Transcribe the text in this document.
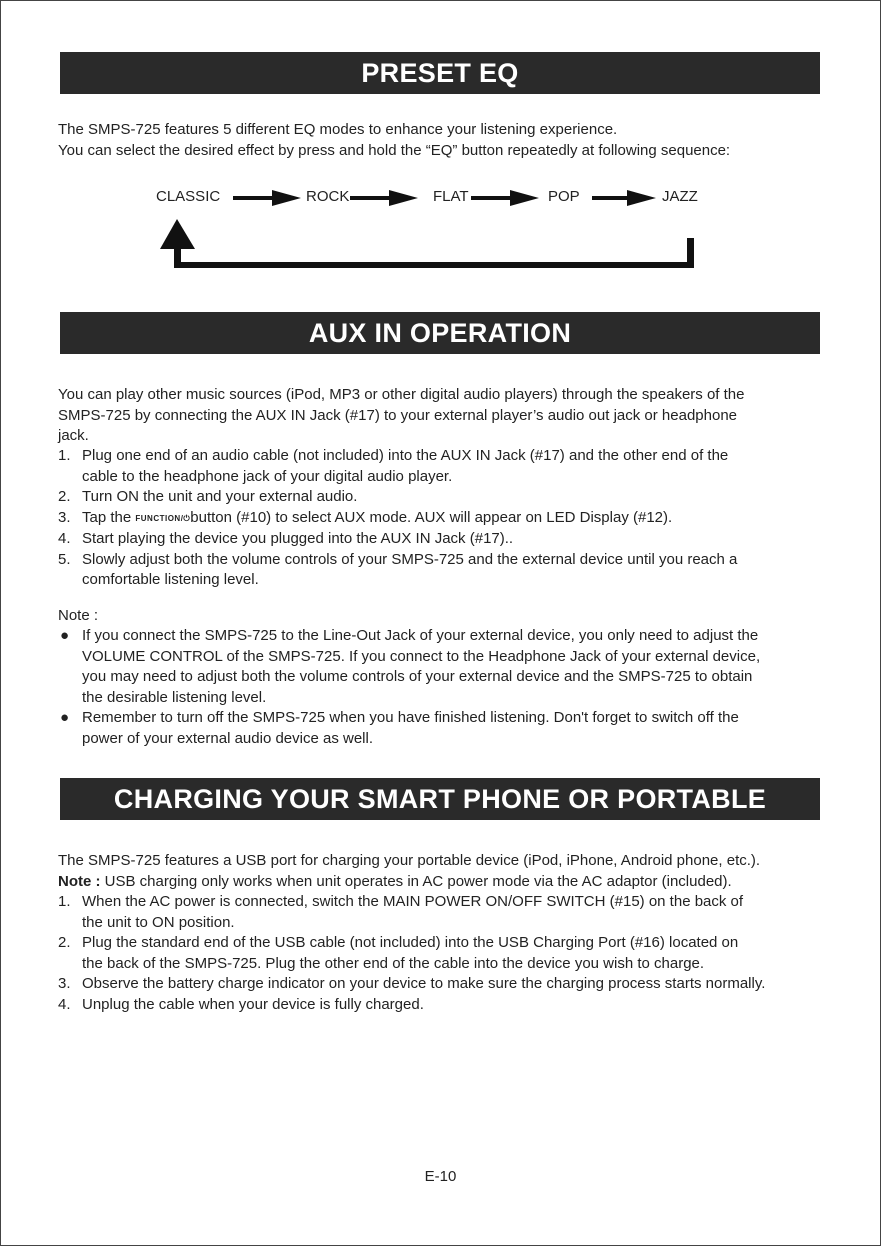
PRESET EQ

The SMPS-725 features 5 different EQ modes to enhance your listening experience.

You can select the desired effect by press and hold the “EQ” button repeatedly at following sequence:

CLASSIC	ROCK	FLAT	POP	JAZZ
AUX IN OPERATION

You can play other music sources (iPod, MP3 or other digital audio players) through the speakers of the

SMPS-725 by connecting the AUX IN Jack (#17) to your external player’s audio out jack or headphone

jack.

1. Plug one end of an audio cable (not included) into the AUX IN Jack (#17) and the other end of the
cable to the headphone jack of your digital audio player.
2. Turn ON the unit and your external audio.
3. Tap the FUNCTION/⏻button (#10) to select AUX mode. AUX will appear on LED Display (#12).
4. Start playing the device you plugged into the AUX IN Jack (#17)..
5. Slowly adjust both the volume controls of your SMPS-725 and the external device until you reach a
comfortable listening level.
Note :
● If you connect the SMPS-725 to the Line-Out Jack of your external device, you only need to adjust the
VOLUME CONTROL of the SMPS-725. If you connect to the Headphone Jack of your external device,
you may need to adjust both the volume controls of your external device and the SMPS-725 to obtain
the desirable listening level.
● Remember to turn off the SMPS-725 when you have finished listening. Don't forget to switch off the
power of your external audio device as well.
CHARGING YOUR SMART PHONE OR PORTABLE DEVICE

The SMPS-725 features a USB port for charging your portable device (iPod, iPhone, Android phone, etc.).

Note : USB charging only works when unit operates in AC power mode via the AC adaptor (included).

1. When the AC power is connected, switch the MAIN POWER ON/OFF SWITCH (#15) on the back of
the unit to ON position.
2. Plug the standard end of the USB cable (not included) into the USB Charging Port (#16) located on
the back of the SMPS-725. Plug the other end of the cable into the device you wish to charge.
3. Observe the battery charge indicator on your device to make sure the charging process starts normally.
4. Unplug the cable when your device is fully charged.
E-10
